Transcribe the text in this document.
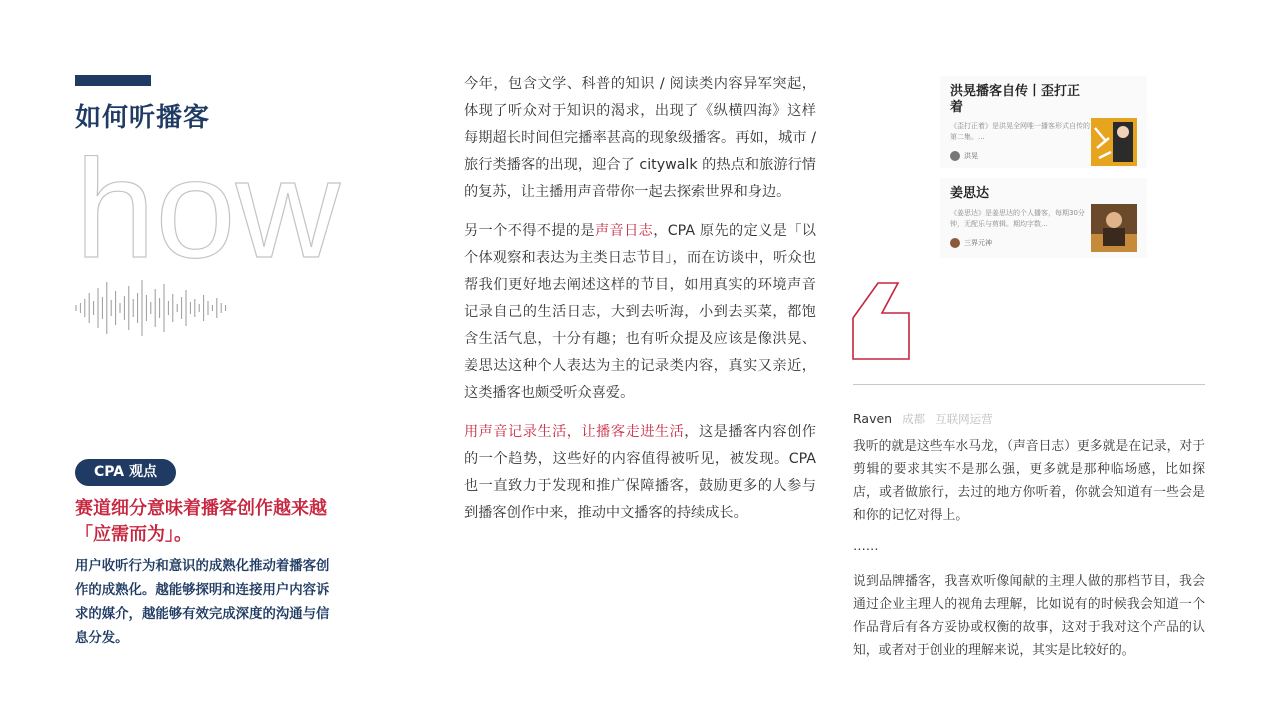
如何听播客
how
CPA 观点
赛道细分意味着播客创作越来越「应需而为」。
用户收听行为和意识的成熟化推动着播客创作的成熟化。越能够探明和连接用户内容诉求的媒介，越能够有效完成深度的沟通与信息分发。

今年，包含文学、科普的知识 / 阅读类内容异军突起，体现了听众对于知识的渴求，出现了《纵横四海》这样每期超长时间但完播率甚高的现象级播客。再如，城市 / 旅行类播客的出现，迎合了 citywalk 的热点和旅游行情的复苏，让主播用声音带你一起去探索世界和身边。

另一个不得不提的是声音日志，CPA 原先的定义是「以个体观察和表达为主类日志节目」，而在访谈中，听众也帮我们更好地去阐述这样的节目，如用真实的环境声音记录自己的生活日志，大到去听海，小到去买菜，都饱含生活气息，十分有趣；也有听众提及应该是像洪晃、姜思达这种个人表达为主的记录类内容，真实又亲近，这类播客也颇受听众喜爱。

用声音记录生活，让播客走进生活，这是播客内容创作的一个趋势，这些好的内容值得被听见，被发现。CPA 也一直致力于发现和推广保障播客，鼓励更多的人参与到播客创作中来，推动中文播客的持续成长。

洪晃播客自传丨歪打正着
《歪打正着》是洪晃全网唯一播客形式自传的第二集。...
洪晃
姜思达
《姜思达》是姜思达的个人播客，每期30分钟，无配乐与剪辑。期均字数...
三界元神
Raven 成都 互联网运营

我听的就是这些车水马龙，（声音日志）更多就是在记录，对于剪辑的要求其实不是那么强，更多就是那种临场感，比如探店，或者做旅行，去过的地方你听着，你就会知道有一些会是和你的记忆对得上。

……

说到品牌播客，我喜欢听像闻献的主理人做的那档节目，我会通过企业主理人的视角去理解，比如说有的时候我会知道一个作品背后有各方妥协或权衡的故事，这对于我对这个产品的认知，或者对于创业的理解来说，其实是比较好的。
